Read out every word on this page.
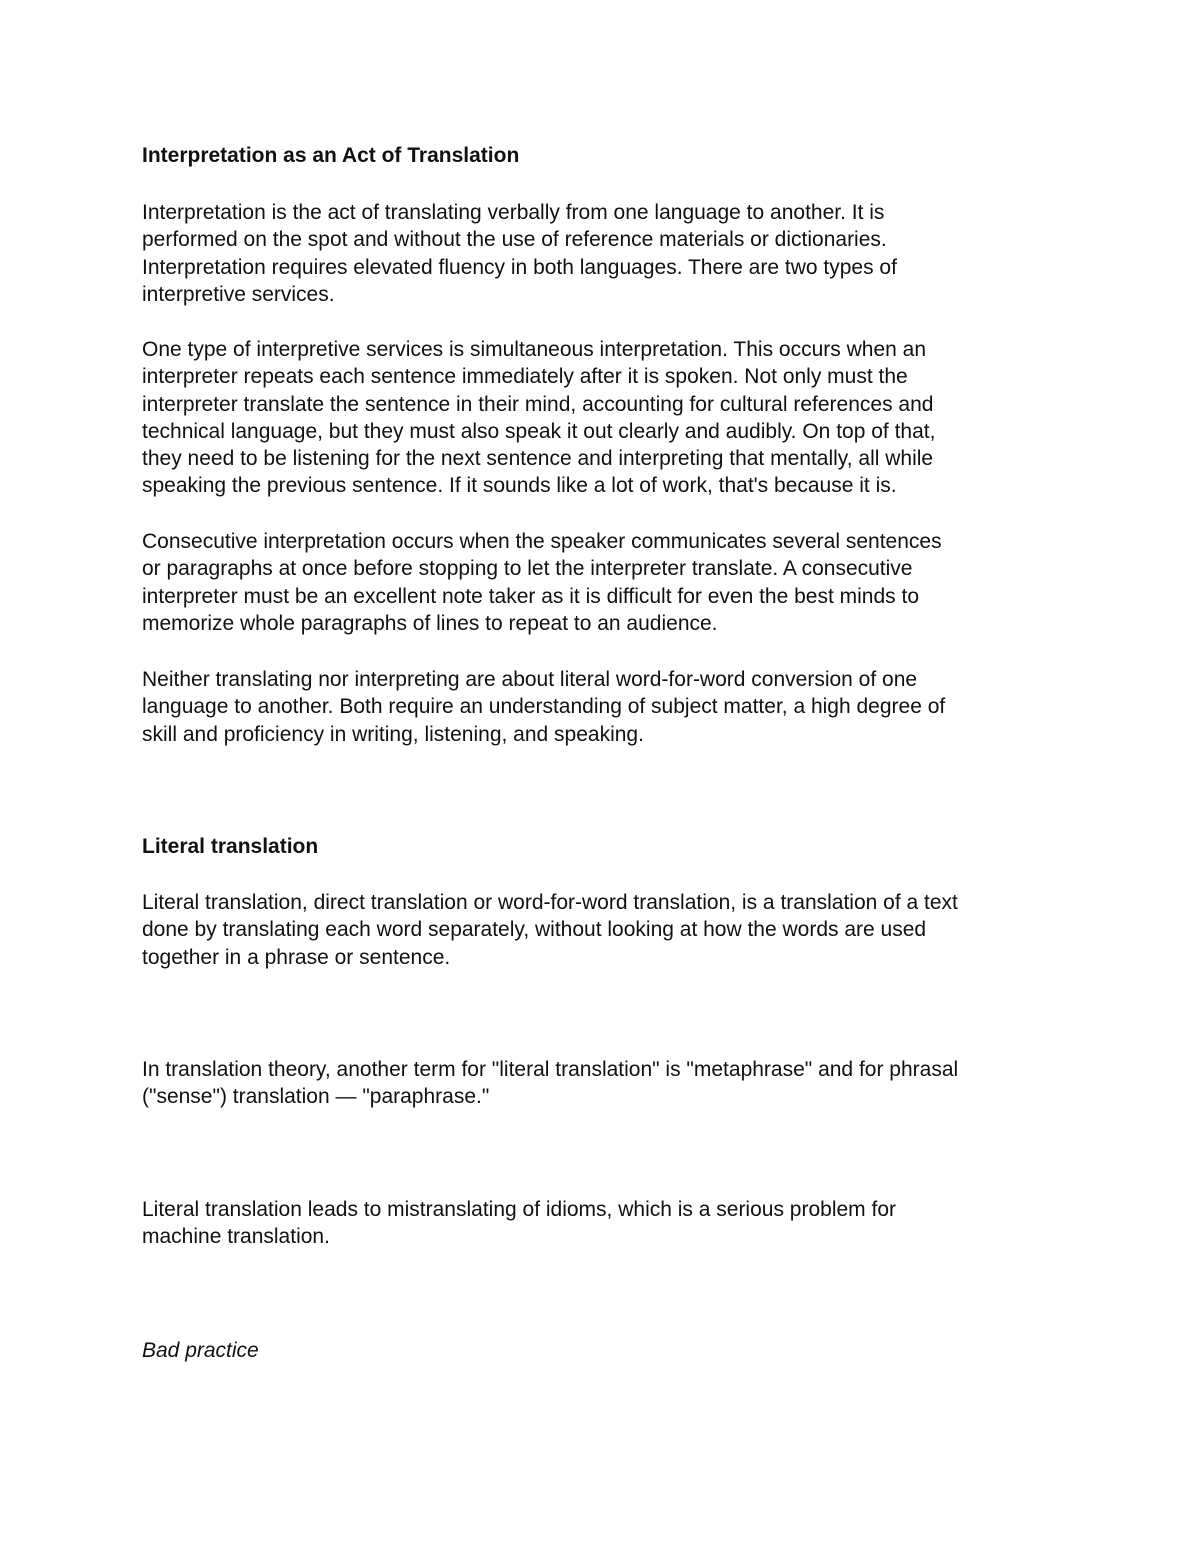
Interpretation as an Act of Translation

Interpretation is the act of translating verbally from one language to another. It is
performed on the spot and without the use of reference materials or dictionaries.
Interpretation requires elevated fluency in both languages. There are two types of
interpretive services.

One type of interpretive services is simultaneous interpretation. This occurs when an
interpreter repeats each sentence immediately after it is spoken. Not only must the
interpreter translate the sentence in their mind, accounting for cultural references and
technical language, but they must also speak it out clearly and audibly. On top of that,
they need to be listening for the next sentence and interpreting that mentally, all while
speaking the previous sentence. If it sounds like a lot of work, that's because it is.

Consecutive interpretation occurs when the speaker communicates several sentences
or paragraphs at once before stopping to let the interpreter translate. A consecutive
interpreter must be an excellent note taker as it is difficult for even the best minds to
memorize whole paragraphs of lines to repeat to an audience.

Neither translating nor interpreting are about literal word-for-word conversion of one
language to another. Both require an understanding of subject matter, a high degree of
skill and proficiency in writing, listening, and speaking.

Literal translation

Literal translation, direct translation or word-for-word translation, is a translation of a text
done by translating each word separately, without looking at how the words are used
together in a phrase or sentence.

In translation theory, another term for "literal translation" is "metaphrase" and for phrasal
("sense") translation — "paraphrase."

Literal translation leads to mistranslating of idioms, which is a serious problem for
machine translation.

Bad practice
